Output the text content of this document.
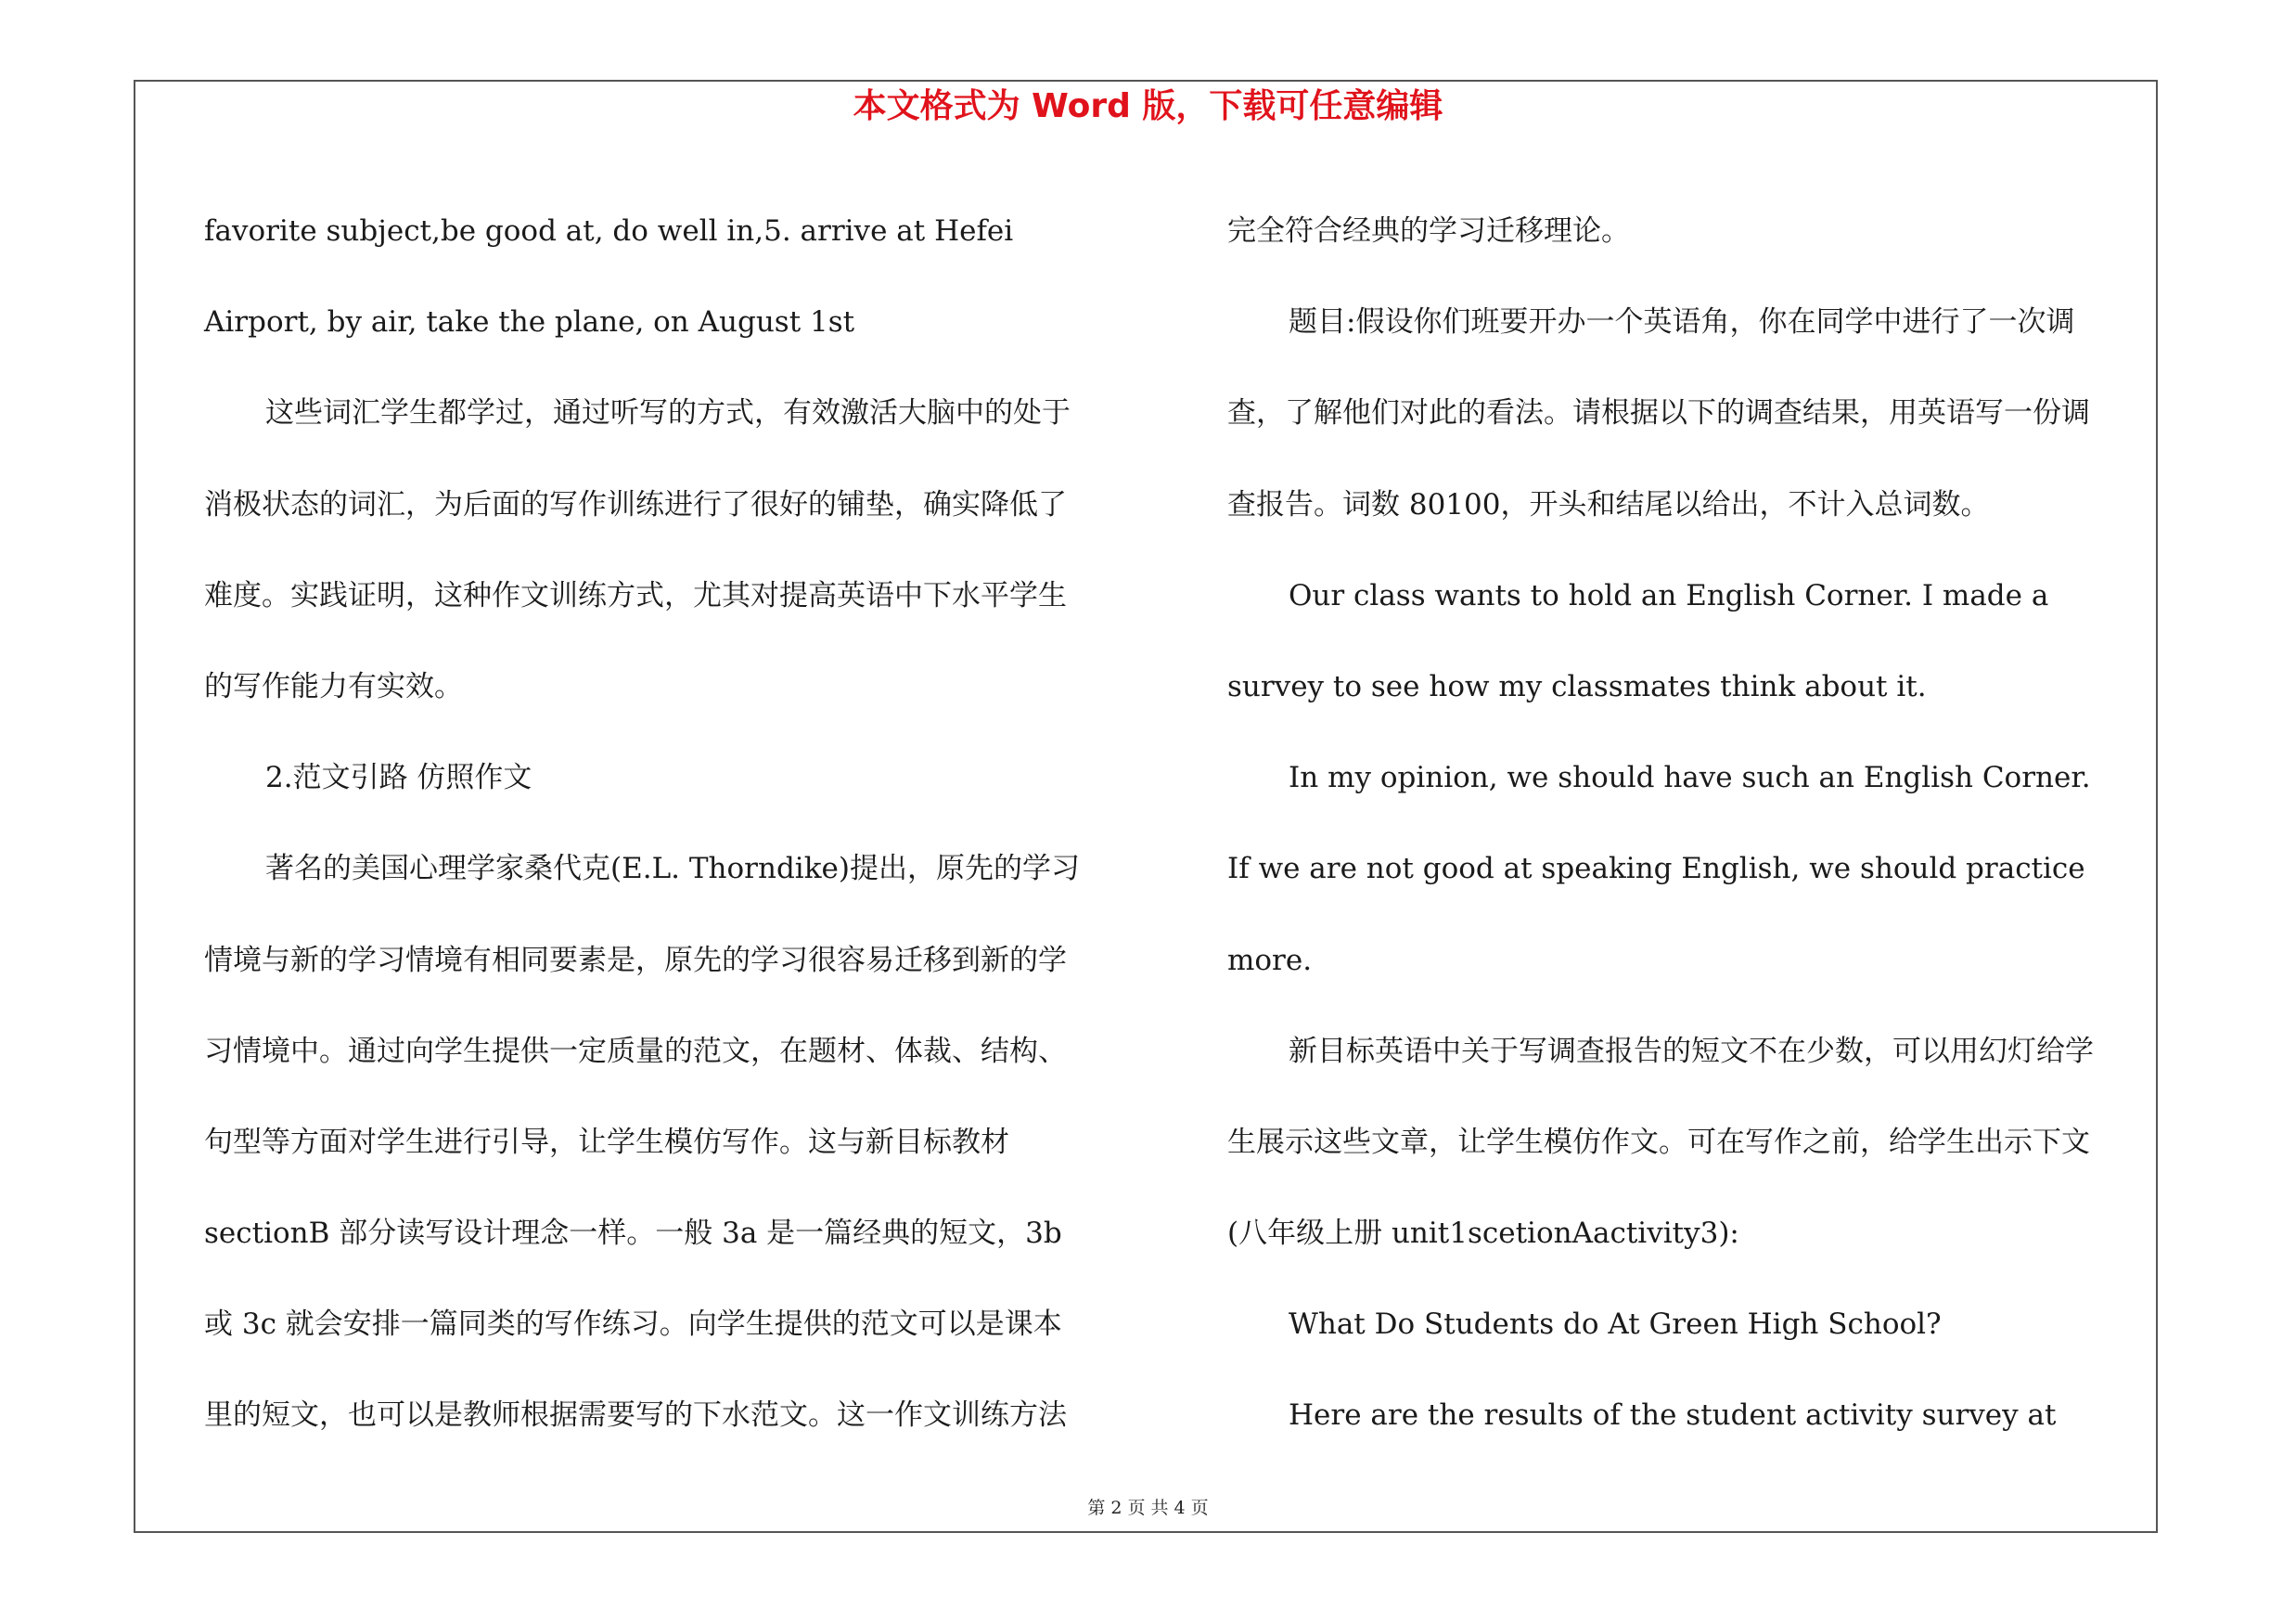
本文格式为 Word 版，下载可任意编辑
favorite subject,be good at, do well in,5. arrive at Hefei
Airport, by air, take the plane, on August 1st
这些词汇学生都学过，通过听写的方式，有效激活大脑中的处于
消极状态的词汇，为后面的写作训练进行了很好的铺垫，确实降低了
难度。实践证明，这种作文训练方式，尤其对提高英语中下水平学生
的写作能力有实效。
2.范文引路 仿照作文
著名的美国心理学家桑代克(E.L. Thorndike)提出，原先的学习
情境与新的学习情境有相同要素是，原先的学习很容易迁移到新的学
习情境中。通过向学生提供一定质量的范文，在题材、体裁、结构、
句型等方面对学生进行引导，让学生模仿写作。这与新目标教材
sectionB 部分读写设计理念一样。一般 3a 是一篇经典的短文，3b
或 3c 就会安排一篇同类的写作练习。向学生提供的范文可以是课本
里的短文，也可以是教师根据需要写的下水范文。这一作文训练方法
完全符合经典的学习迁移理论。
题目:假设你们班要开办一个英语角，你在同学中进行了一次调
查，了解他们对此的看法。请根据以下的调查结果，用英语写一份调
查报告。词数 80100，开头和结尾以给出，不计入总词数。
Our class wants to hold an English Corner. I made a
survey to see how my classmates think about it.
In my opinion, we should have such an English Corner.
If we are not good at speaking English, we should practice
more.
新目标英语中关于写调查报告的短文不在少数，可以用幻灯给学
生展示这些文章，让学生模仿作文。可在写作之前，给学生出示下文
(八年级上册 unit1scetionAactivity3):
What Do Students do At Green High School?
Here are the results of the student activity survey at
第 2 页 共 4 页
